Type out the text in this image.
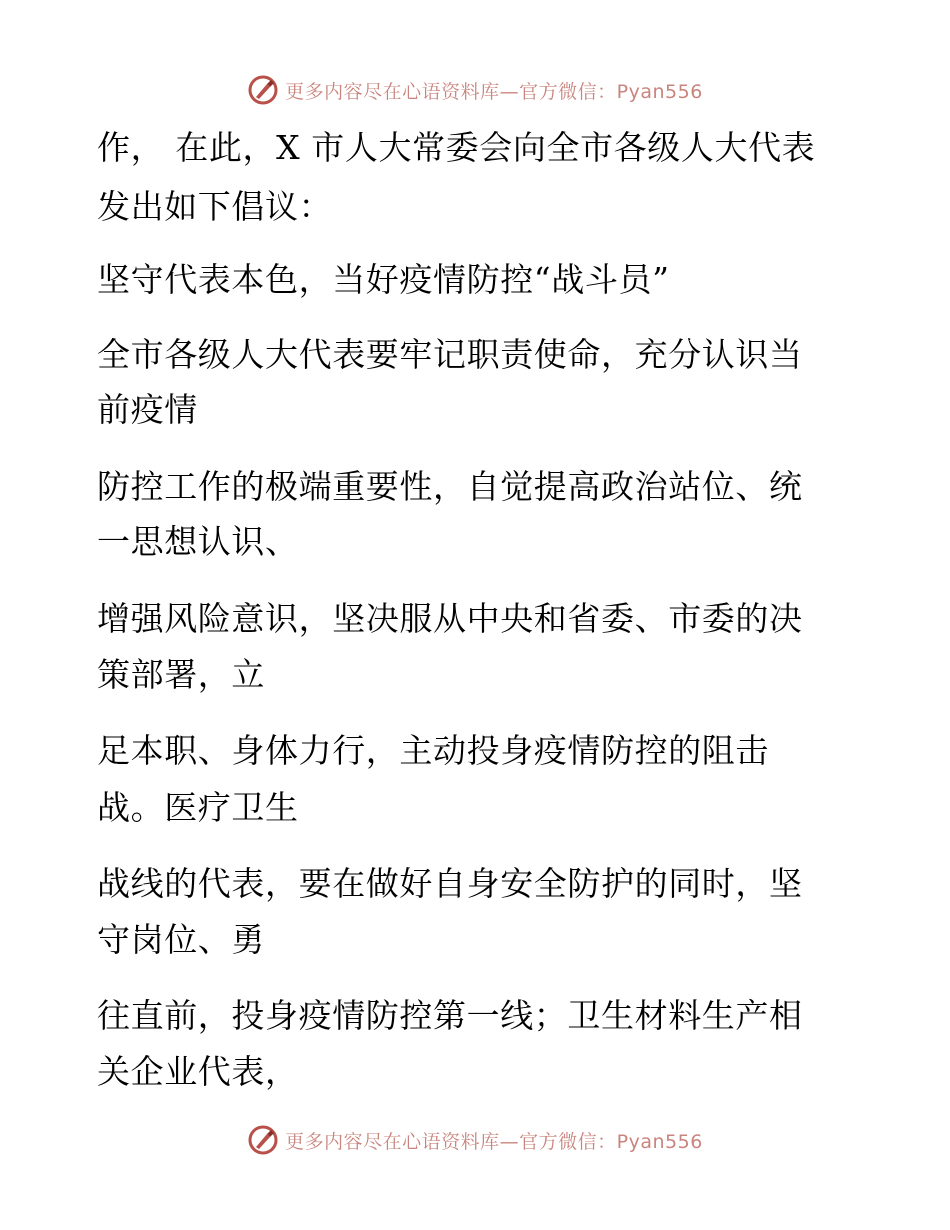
更多内容尽在心语资料库—官方微信：Pyan556
作， 在此，X 市人大常委会向全市各级人大代表
发出如下倡议：
坚守代表本色，当好疫情防控“战斗员”
全市各级人大代表要牢记职责使命，充分认识当
前疫情
防控工作的极端重要性，自觉提高政治站位、统
一思想认识、
增强风险意识，坚决服从中央和省委、市委的决
策部署，立
足本职、身体力行，主动投身疫情防控的阻击
战。医疗卫生
战线的代表，要在做好自身安全防护的同时，坚
守岗位、勇
往直前，投身疫情防控第一线；卫生材料生产相
关企业代表，
更多内容尽在心语资料库—官方微信：Pyan556
